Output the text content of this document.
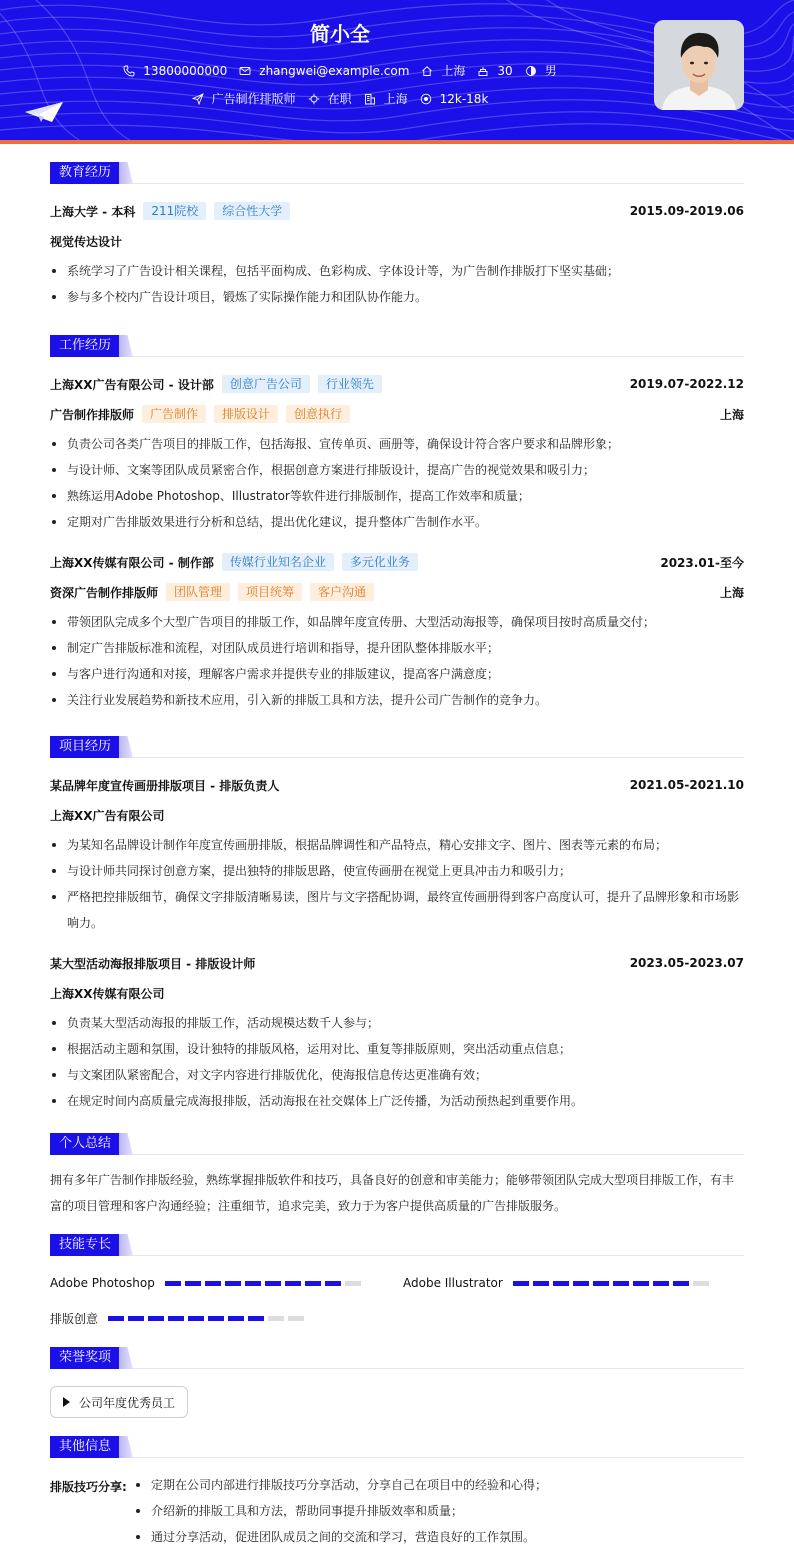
简小全
13800000000	zhangwei@example.com	上海	30	男
广告制作排版师	在职	上海	12k-18k
教育经历
上海大学 - 本科	211院校	综合性大学	2015.09-2019.06
视觉传达设计
系统学习了广告设计相关课程，包括平面构成、色彩构成、字体设计等，为广告制作排版打下坚实基础；
参与多个校内广告设计项目，锻炼了实际操作能力和团队协作能力。
工作经历
上海XX广告有限公司 - 设计部	创意广告公司	行业领先	2019.07-2022.12
广告制作排版师	广告制作	排版设计	创意执行	上海
负责公司各类广告项目的排版工作，包括海报、宣传单页、画册等，确保设计符合客户要求和品牌形象；
与设计师、文案等团队成员紧密合作，根据创意方案进行排版设计，提高广告的视觉效果和吸引力；
熟练运用Adobe Photoshop、Illustrator等软件进行排版制作，提高工作效率和质量；
定期对广告排版效果进行分析和总结，提出优化建议，提升整体广告制作水平。
上海XX传媒有限公司 - 制作部	传媒行业知名企业	多元化业务	2023.01-至今
资深广告制作排版师	团队管理	项目统筹	客户沟通	上海
带领团队完成多个大型广告项目的排版工作，如品牌年度宣传册、大型活动海报等，确保项目按时高质量交付；
制定广告排版标准和流程，对团队成员进行培训和指导，提升团队整体排版水平；
与客户进行沟通和对接，理解客户需求并提供专业的排版建议，提高客户满意度；
关注行业发展趋势和新技术应用，引入新的排版工具和方法，提升公司广告制作的竞争力。
项目经历
某品牌年度宣传画册排版项目 - 排版负责人	2021.05-2021.10
上海XX广告有限公司
为某知名品牌设计制作年度宣传画册排版，根据品牌调性和产品特点，精心安排文字、图片、图表等元素的布局；
与设计师共同探讨创意方案，提出独特的排版思路，使宣传画册在视觉上更具冲击力和吸引力；
严格把控排版细节，确保文字排版清晰易读，图片与文字搭配协调，最终宣传画册得到客户高度认可，提升了品牌形象和市场影响力。
某大型活动海报排版项目 - 排版设计师	2023.05-2023.07
上海XX传媒有限公司
负责某大型活动海报的排版工作，活动规模达数千人参与；
根据活动主题和氛围，设计独特的排版风格，运用对比、重复等排版原则，突出活动重点信息；
与文案团队紧密配合，对文字内容进行排版优化，使海报信息传达更准确有效；
在规定时间内高质量完成海报排版，活动海报在社交媒体上广泛传播，为活动预热起到重要作用。
个人总结
拥有多年广告制作排版经验，熟练掌握排版软件和技巧，具备良好的创意和审美能力；能够带领团队完成大型项目排版工作，有丰富的项目管理和客户沟通经验；注重细节，追求完美，致力于为客户提供高质量的广告排版服务。
技能专长
Adobe Photoshop	Adobe Illustrator
排版创意
荣誉奖项
公司年度优秀员工
其他信息
排版技巧分享:	定期在公司内部进行排版技巧分享活动，分享自己在项目中的经验和心得；
介绍新的排版工具和方法，帮助同事提升排版效率和质量；
通过分享活动，促进团队成员之间的交流和学习，营造良好的工作氛围。
